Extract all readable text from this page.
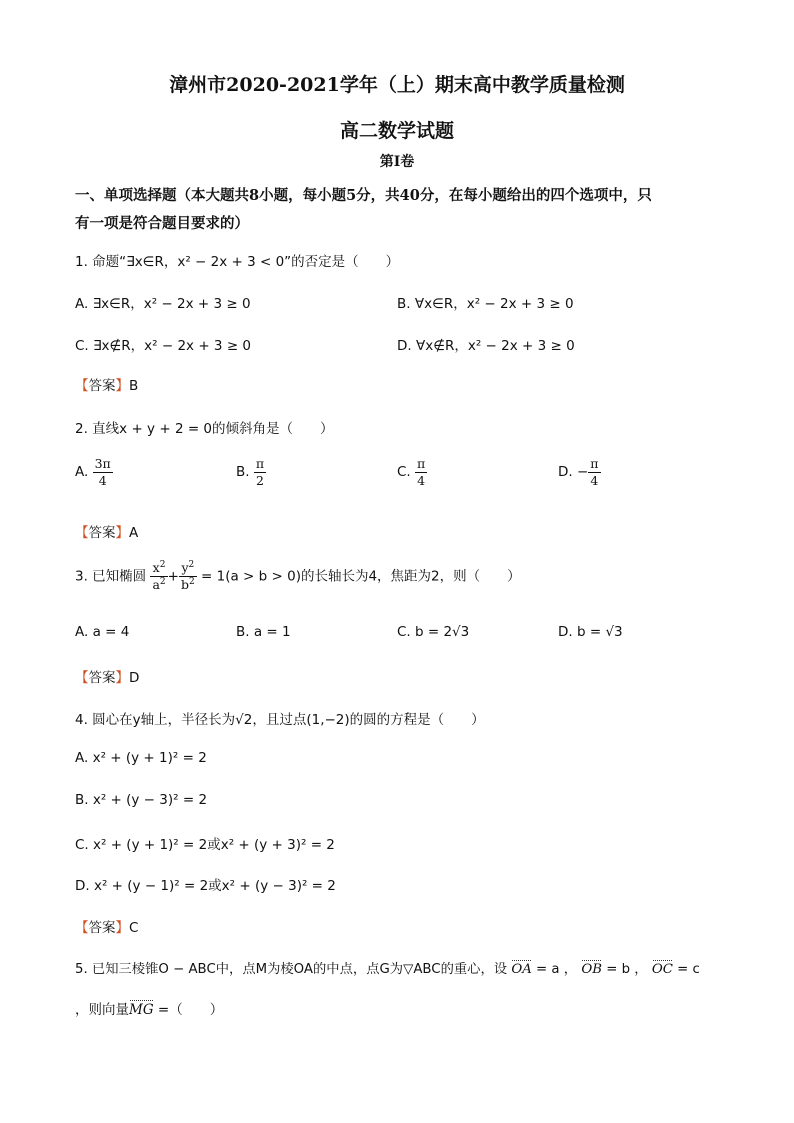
漳州市2020-2021学年（上）期末高中教学质量检测
高二数学试题
第Ⅰ卷
一、单项选择题（本大题共8小题，每小题5分，共40分，在每小题给出的四个选项中，只
有一项是符合题目要求的）
1. 命题“∃x∈R，x² − 2x + 3 < 0”的否定是（　　）
A. ∃x∈R，x² − 2x + 3 ≥ 0	B. ∀x∈R，x² − 2x + 3 ≥ 0
C. ∃x∉R，x² − 2x + 3 ≥ 0	D. ∀x∉R，x² − 2x + 3 ≥ 0
【答案】B
2. 直线x + y + 2 = 0的倾斜角是（　　）
A. $\frac{3\pi}{4}$	B. $\frac{\pi}{2}$	C. $\frac{\pi}{4}$	D. − $\frac{\pi}{4}$
【答案】A
3. 已知椭圆 $\frac{x^2}{a^2} + \frac{y^2}{b^2} = 1(a > b > 0)$的长轴长为4，焦距为2，则（　　）
A. a = 4	B. a = 1	C. b = 2√3	D. b = √3
【答案】D
4. 圆心在y轴上，半径长为√2，且过点(1,−2)的圆的方程是（　　）
A. x² + (y + 1)² = 2
B. x² + (y − 3)² = 2
C. x² + (y + 1)² = 2或x² + (y + 3)² = 2
D. x² + (y − 1)² = 2或x² + (y − 3)² = 2
【答案】C
5. 已知三棱锥O − ABC中，点M为棱OA的中点，点G为▽ABC的重心，设 OA = a ， OB = b ， OC = c
，则向量MG =（　　）
